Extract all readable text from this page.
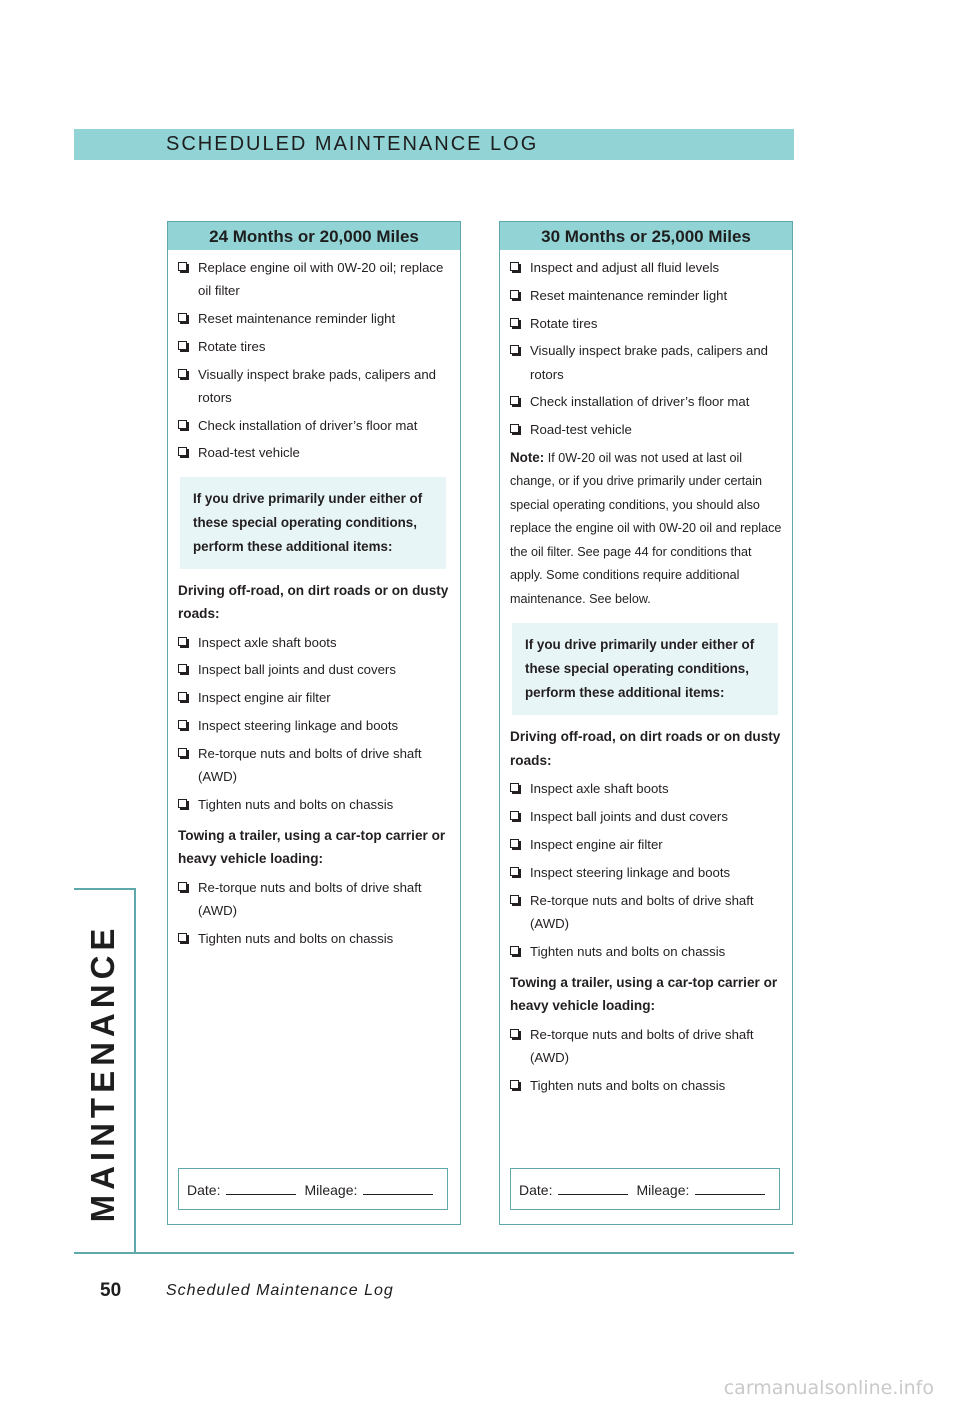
SCHEDULED MAINTENANCE LOG
24 Months or 20,000 Miles
Replace engine oil with 0W-20 oil; replace oil filter
Reset maintenance reminder light
Rotate tires
Visually inspect brake pads, calipers and rotors
Check installation of driver’s floor mat
Road-test vehicle
If you drive primarily under either of these special operating conditions, perform these additional items:
Driving off-road, on dirt roads or on dusty roads:
Inspect axle shaft boots
Inspect ball joints and dust covers
Inspect engine air filter
Inspect steering linkage and boots
Re-torque nuts and bolts of drive shaft (AWD)
Tighten nuts and bolts on chassis
Towing a trailer, using a car-top carrier or heavy vehicle loading:
Re-torque nuts and bolts of drive shaft (AWD)
Tighten nuts and bolts on chassis
Date:	Mileage:
30 Months or 25,000 Miles
Inspect and adjust all fluid levels
Reset maintenance reminder light
Rotate tires
Visually inspect brake pads, calipers and rotors
Check installation of driver’s floor mat
Road-test vehicle
Note: If 0W-20 oil was not used at last oil change, or if you drive primarily under certain special operating conditions, you should also replace the engine oil with 0W-20 oil and replace the oil filter. See page 44 for conditions that apply. Some conditions require additional maintenance. See below.
If you drive primarily under either of these special operating conditions, perform these additional items:
Driving off-road, on dirt roads or on dusty roads:
Inspect axle shaft boots
Inspect ball joints and dust covers
Inspect engine air filter
Inspect steering linkage and boots
Re-torque nuts and bolts of drive shaft (AWD)
Tighten nuts and bolts on chassis
Towing a trailer, using a car-top carrier or heavy vehicle loading:
Re-torque nuts and bolts of drive shaft (AWD)
Tighten nuts and bolts on chassis
Date:	Mileage:
MAINTENANCE
50	Scheduled Maintenance Log
carmanualsonline.info
